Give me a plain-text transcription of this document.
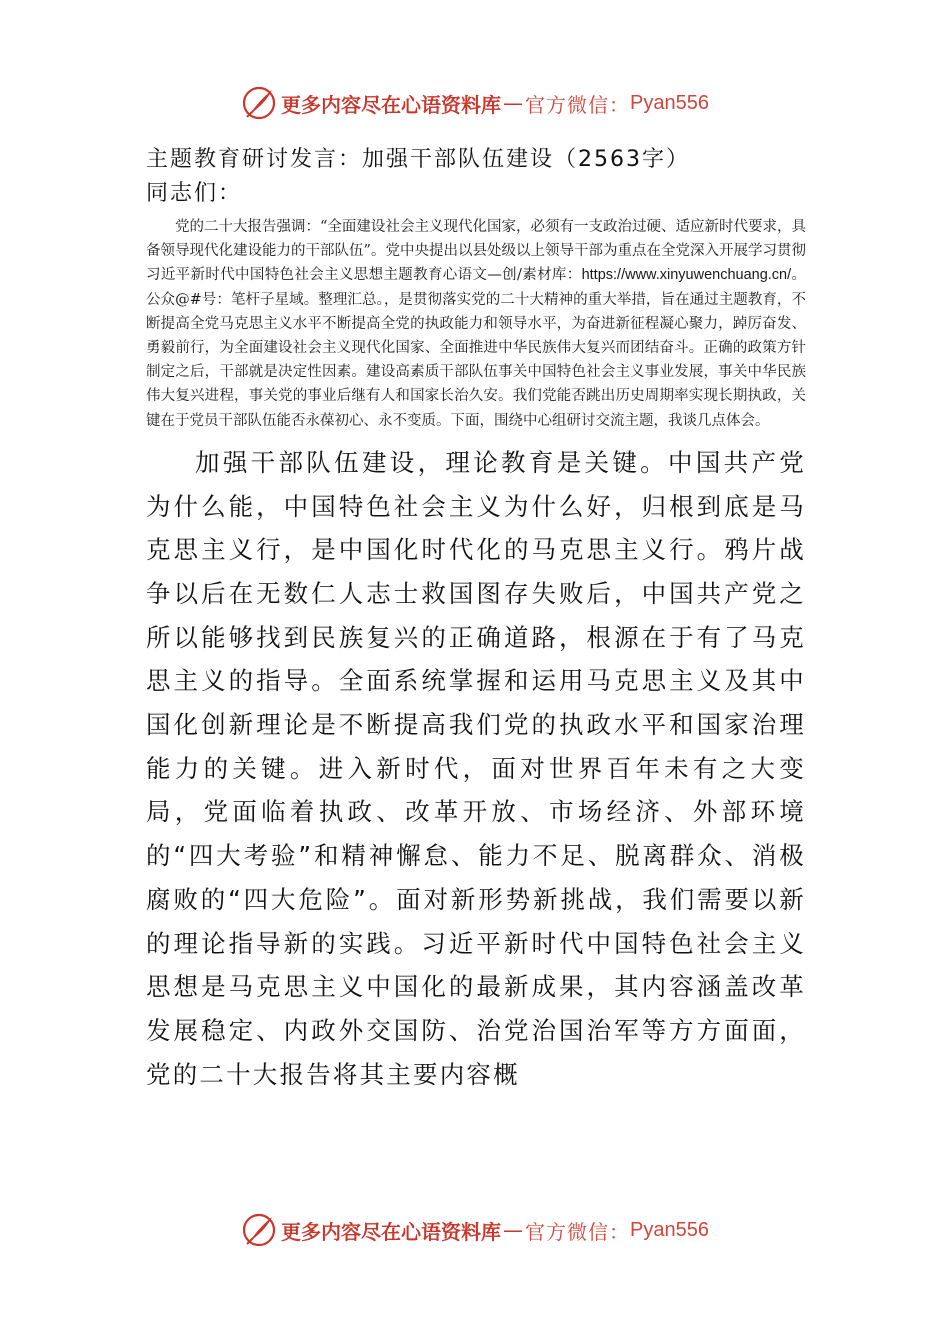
更多内容尽在心语资料库 — 官方微信： Pyan556

主题教育研讨发言：加强干部队伍建设（2563字）

同志们：

党的二十大报告强调：“全面建设社会主义现代化国家，必须有一支政治过硬、适应新时代要求，具备领导现代化建设能力的干部队伍”。党中央提出以县处级以上领导干部为重点在全党深入开展学习贯彻习近平新时代中国特色社会主义思想主题教育心语文—创/素材库：https://www.xinyuwenchuang.cn/。公众@#号：笔杆子星域。整理汇总。，是贯彻落实党的二十大精神的重大举措，旨在通过主题教育，不断提高全党马克思主义水平不断提高全党的执政能力和领导水平，为奋进新征程凝心聚力，踔厉奋发、勇毅前行，为全面建设社会主义现代化国家、全面推进中华民族伟大复兴而团结奋斗。正确的政策方针制定之后，干部就是决定性因素。建设高素质干部队伍事关中国特色社会主义事业发展，事关中华民族伟大复兴进程，事关党的事业后继有人和国家长治久安。我们党能否跳出历史周期率实现长期执政，关键在于党员干部队伍能否永葆初心、永不变质。下面，围绕中心组研讨交流主题，我谈几点体会。

加强干部队伍建设，理论教育是关键。中国共产党为什么能，中国特色社会主义为什么好，归根到底是马克思主义行，是中国化时代化的马克思主义行。鸦片战争以后在无数仁人志士救国图存失败后，中国共产党之所以能够找到民族复兴的正确道路，根源在于有了马克思主义的指导。全面系统掌握和运用马克思主义及其中国化创新理论是不断提高我们党的执政水平和国家治理能力的关键。进入新时代，面对世界百年未有之大变局，党面临着执政、改革开放、市场经济、外部环境的“四大考验”和精神懈怠、能力不足、脱离群众、消极腐败的“四大危险”。面对新形势新挑战，我们需要以新的理论指导新的实践。习近平新时代中国特色社会主义思想是马克思主义中国化的最新成果，其内容涵盖改革发展稳定、内政外交国防、治党治国治军等方方面面，党的二十大报告将其主要内容概

更多内容尽在心语资料库 — 官方微信： Pyan556
